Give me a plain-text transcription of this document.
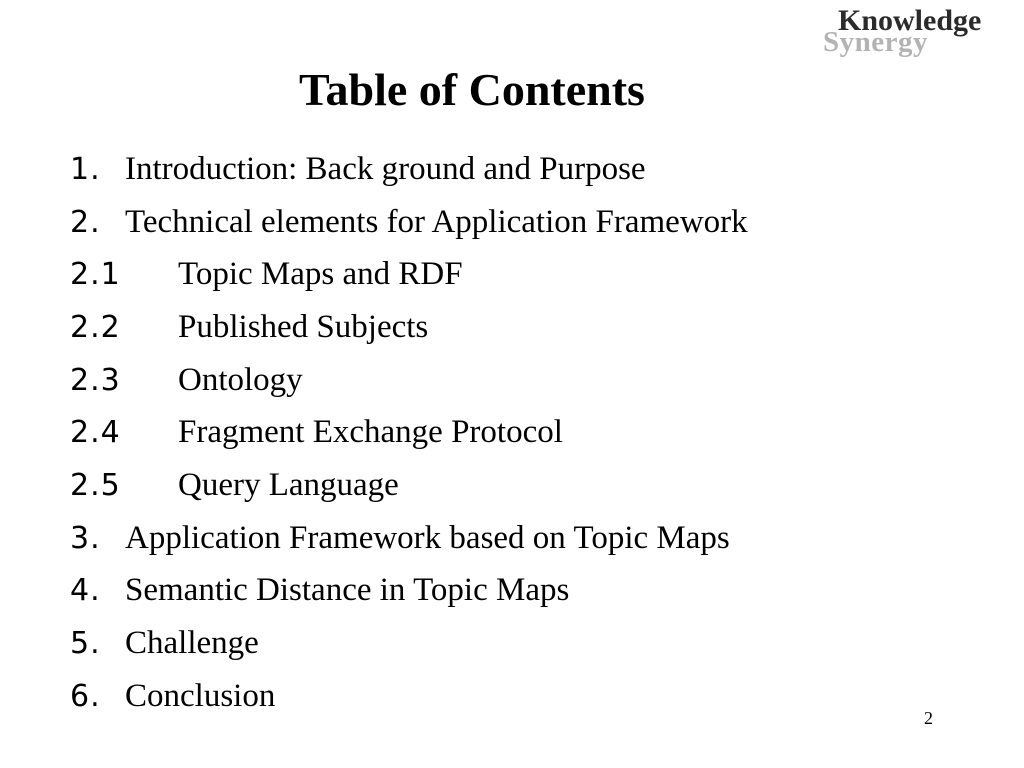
Synergy
Knowledge
Table of Contents
1. Introduction: Back ground and Purpose
2. Technical elements for Application Framework
2.1	Topic Maps and RDF
2.2	Published Subjects
2.3	Ontology
2.4	Fragment Exchange Protocol
2.5	Query Language
3. Application Framework based on Topic Maps
4. Semantic Distance in Topic Maps
5. Challenge
6. Conclusion
2
